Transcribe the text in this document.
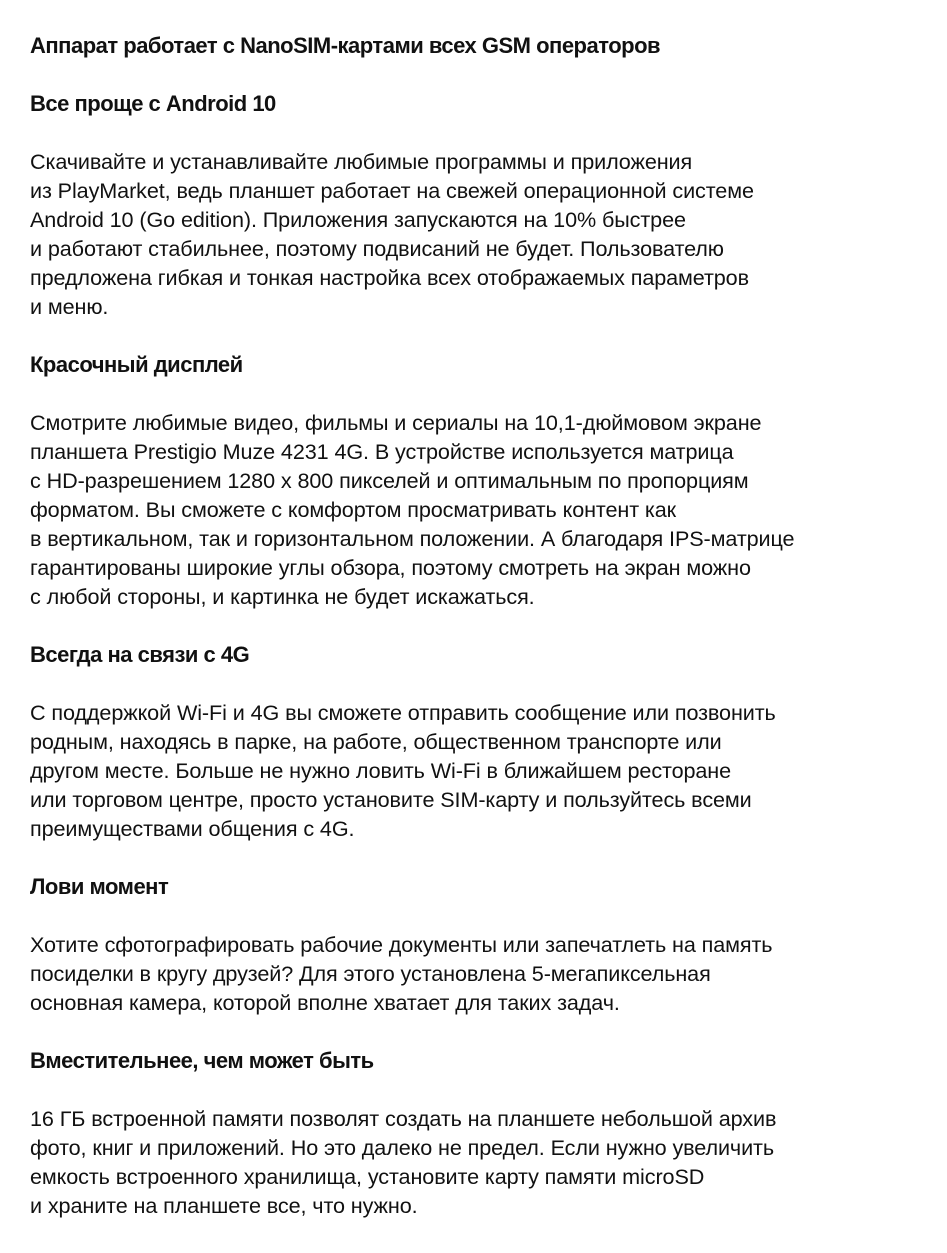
Аппарат работает с NanoSIM-картами всех GSM операторов
Все проще с Android 10

Скачивайте и устанавливайте любимые программы и приложения
из PlayMarket, ведь планшет работает на свежей операционной системе
Android 10 (Go edition). Приложения запускаются на 10% быстрее
и работают стабильнее, поэтому подвисаний не будет. Пользователю
предложена гибкая и тонкая настройка всех отображаемых параметров
и меню.

Красочный дисплей

Смотрите любимые видео, фильмы и сериалы на 10,1-дюймовом экране
планшета Prestigio Muze 4231 4G. В устройстве используется матрица
с HD-разрешением 1280 x 800 пикселей и оптимальным по пропорциям
форматом. Вы сможете с комфортом просматривать контент как
в вертикальном, так и горизонтальном положении. А благодаря IPS-матрице
гарантированы широкие углы обзора, поэтому смотреть на экран можно
с любой стороны, и картинка не будет искажаться.

Всегда на связи с 4G

С поддержкой Wi-Fi и 4G вы сможете отправить сообщение или позвонить
родным, находясь в парке, на работе, общественном транспорте или
другом месте. Больше не нужно ловить Wi-Fi в ближайшем ресторане
или торговом центре, просто установите SIM-карту и пользуйтесь всеми
преимуществами общения с 4G.

Лови момент

Хотите сфотографировать рабочие документы или запечатлеть на память
посиделки в кругу друзей? Для этого установлена 5-мегапиксельная
основная камера, которой вполне хватает для таких задач.

Вместительнее, чем может быть

16 ГБ встроенной памяти позволят создать на планшете небольшой архив
фото, книг и приложений. Но это далеко не предел. Если нужно увеличить
емкость встроенного хранилища, установите карту памяти microSD
и храните на планшете все, что нужно.
